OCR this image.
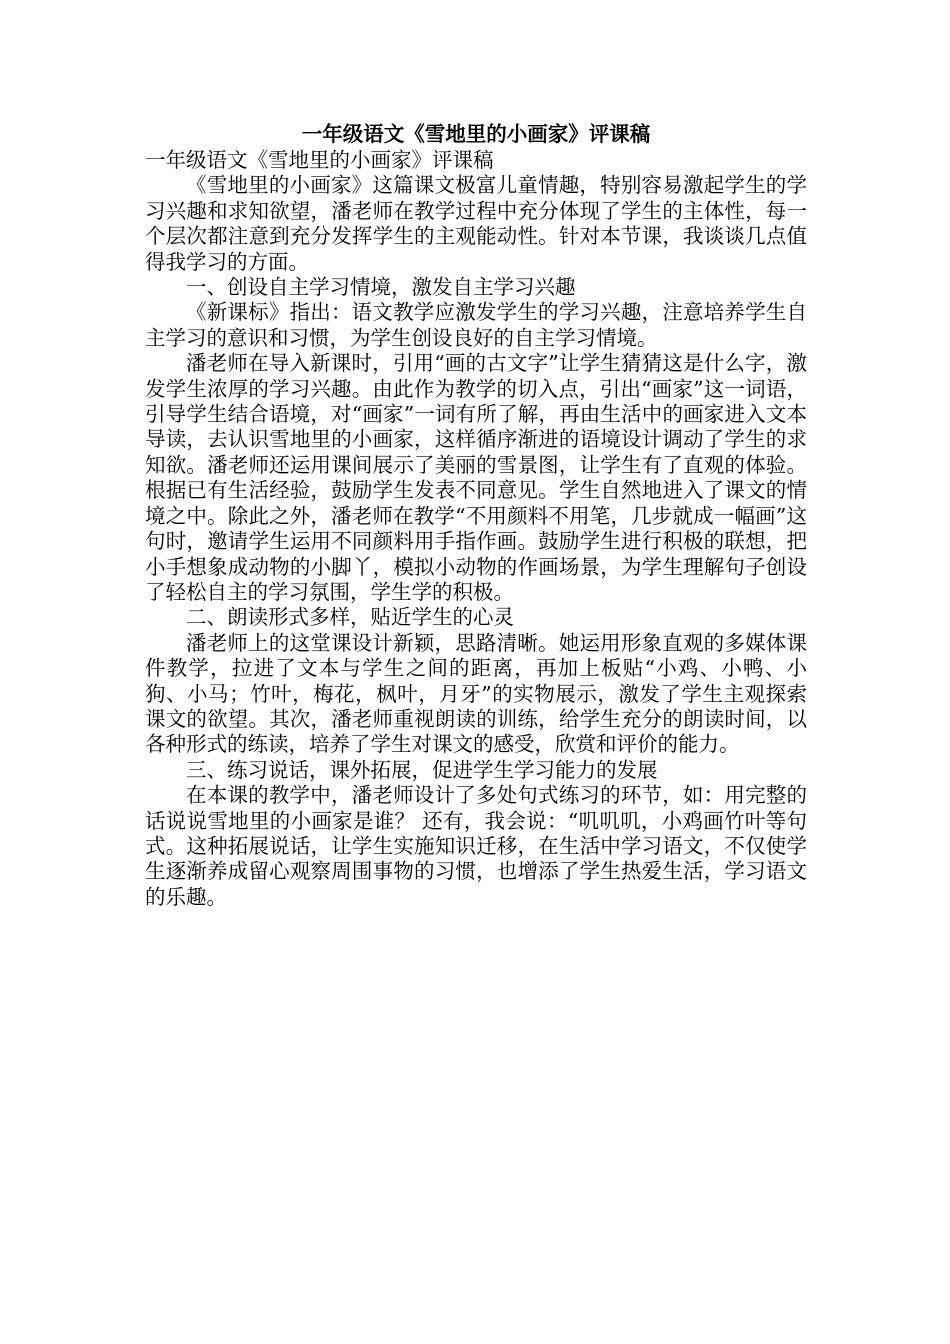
一年级语文《雪地里的小画家》评课稿

一年级语文《雪地里的小画家》评课稿

《雪地里的小画家》这篇课文极富儿童情趣，特别容易激起学生的学习兴趣和求知欲望，潘老师在教学过程中充分体现了学生的主体性，每一个层次都注意到充分发挥学生的主观能动性。针对本节课，我谈谈几点值得我学习的方面。

一、创设自主学习情境，激发自主学习兴趣

《新课标》指出：语文教学应激发学生的学习兴趣，注意培养学生自主学习的意识和习惯，为学生创设良好的自主学习情境。

潘老师在导入新课时，引用“画的古文字”让学生猜猜这是什么字，激发学生浓厚的学习兴趣。由此作为教学的切入点，引出“画家”这一词语，引导学生结合语境，对“画家”一词有所了解，再由生活中的画家进入文本导读，去认识雪地里的小画家，这样循序渐进的语境设计调动了学生的求知欲。潘老师还运用课间展示了美丽的雪景图，让学生有了直观的体验。根据已有生活经验，鼓励学生发表不同意见。学生自然地进入了课文的情境之中。除此之外，潘老师在教学“不用颜料不用笔，几步就成一幅画”这句时，邀请学生运用不同颜料用手指作画。鼓励学生进行积极的联想，把小手想象成动物的小脚丫，模拟小动物的作画场景，为学生理解句子创设了轻松自主的学习氛围，学生学的积极。

二、朗读形式多样，贴近学生的心灵

潘老师上的这堂课设计新颖，思路清晰。她运用形象直观的多媒体课件教学，拉进了文本与学生之间的距离，再加上板贴“小鸡、小鸭、小狗、小马；竹叶，梅花，枫叶，月牙”的实物展示，激发了学生主观探索课文的欲望。其次，潘老师重视朗读的训练，给学生充分的朗读时间，以各种形式的练读，培养了学生对课文的感受，欣赏和评价的能力。

三、练习说话，课外拓展，促进学生学习能力的发展

在本课的教学中，潘老师设计了多处句式练习的环节，如：用完整的话说说雪地里的小画家是谁？ 还有，我会说：“叽叽叽，小鸡画竹叶等句式。这种拓展说话，让学生实施知识迁移，在生活中学习语文，不仅使学生逐渐养成留心观察周围事物的习惯，也增添了学生热爱生活，学习语文的乐趣。
